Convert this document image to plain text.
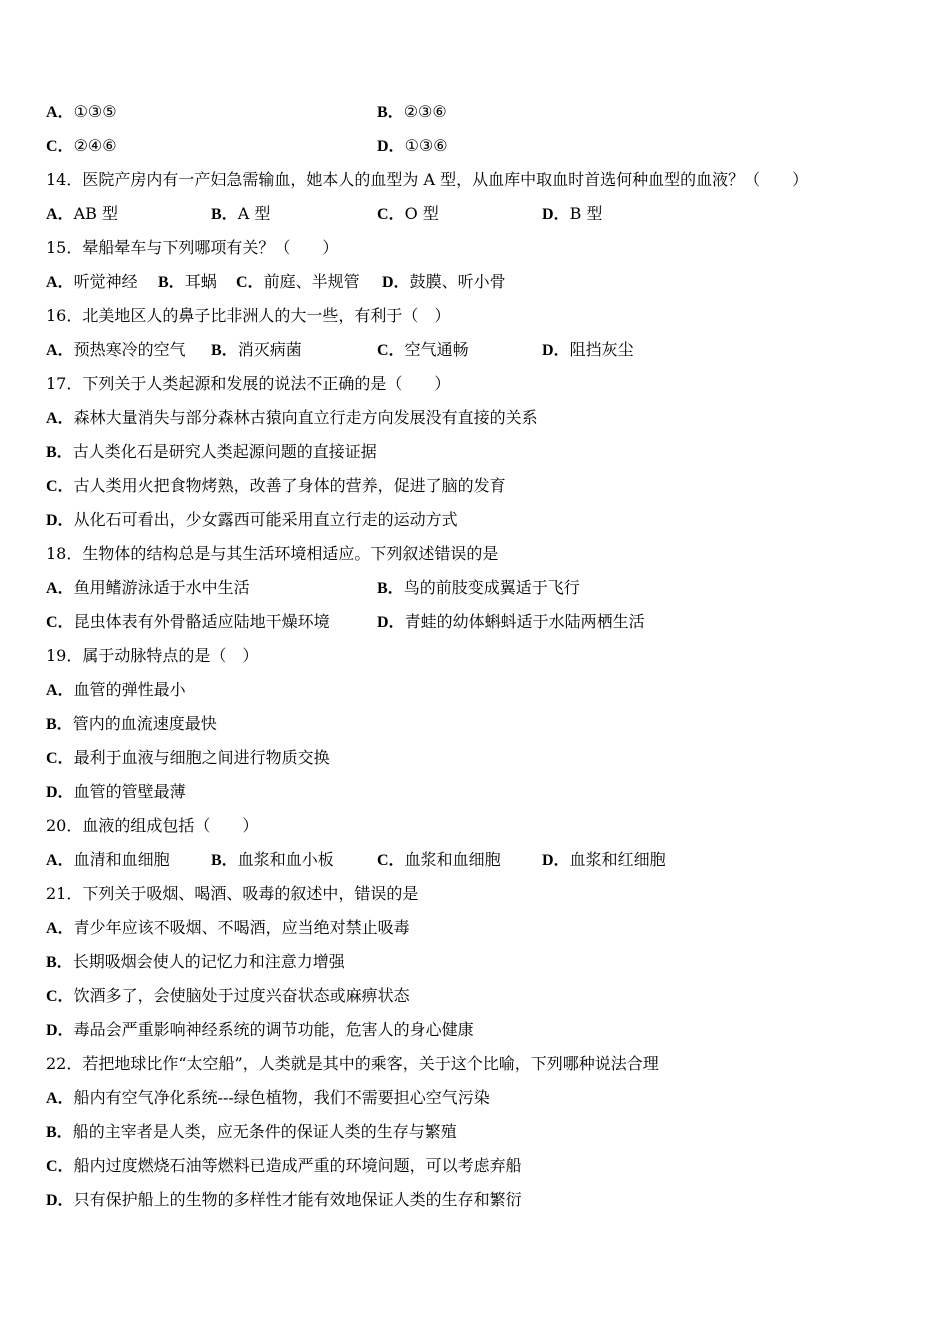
A．①③⑤	B．②③⑥
C．②④⑥	D．①③⑥
14．医院产房内有一产妇急需输血，她本人的血型为 A 型，从血库中取血时首选何种血型的血液？（　　）
A．AB 型	B．A 型	C．O 型	D．B 型
15．晕船晕车与下列哪项有关？（　　）
A．听觉神经 B．耳蜗 C．前庭、半规管 D．鼓膜、听小骨
16．北美地区人的鼻子比非洲人的大一些，有利于（　）
A．预热寒冷的空气 B．消灭病菌	C．空气通畅	D．阻挡灰尘
17．下列关于人类起源和发展的说法不正确的是（　　）
A．森林大量消失与部分森林古猿向直立行走方向发展没有直接的关系
B．古人类化石是研究人类起源问题的直接证据
C．古人类用火把食物烤熟，改善了身体的营养，促进了脑的发育
D．从化石可看出，少女露西可能采用直立行走的运动方式
18．生物体的结构总是与其生活环境相适应。下列叙述错误的是
A．鱼用鳍游泳适于水中生活	B．鸟的前肢变成翼适于飞行
C．昆虫体表有外骨骼适应陆地干燥环境	D．青蛙的幼体蝌蚪适于水陆两栖生活
19．属于动脉特点的是（　）
A．血管的弹性最小
B．管内的血流速度最快
C．最利于血液与细胞之间进行物质交换
D．血管的管壁最薄
20．血液的组成包括（　　）
A．血清和血细胞	B．血浆和血小板	C．血浆和血细胞	D．血浆和红细胞
21．下列关于吸烟、喝酒、吸毒的叙述中，错误的是
A．青少年应该不吸烟、不喝酒，应当绝对禁止吸毒
B．长期吸烟会使人的记忆力和注意力增强
C．饮酒多了，会使脑处于过度兴奋状态或麻痹状态
D．毒品会严重影响神经系统的调节功能，危害人的身心健康
22．若把地球比作“太空船”，人类就是其中的乘客，关于这个比喻，下列哪种说法合理
A．船内有空气净化系统---绿色植物，我们不需要担心空气污染
B．船的主宰者是人类，应无条件的保证人类的生存与繁殖
C．船内过度燃烧石油等燃料已造成严重的环境问题，可以考虑弃船
D．只有保护船上的生物的多样性才能有效地保证人类的生存和繁衍
